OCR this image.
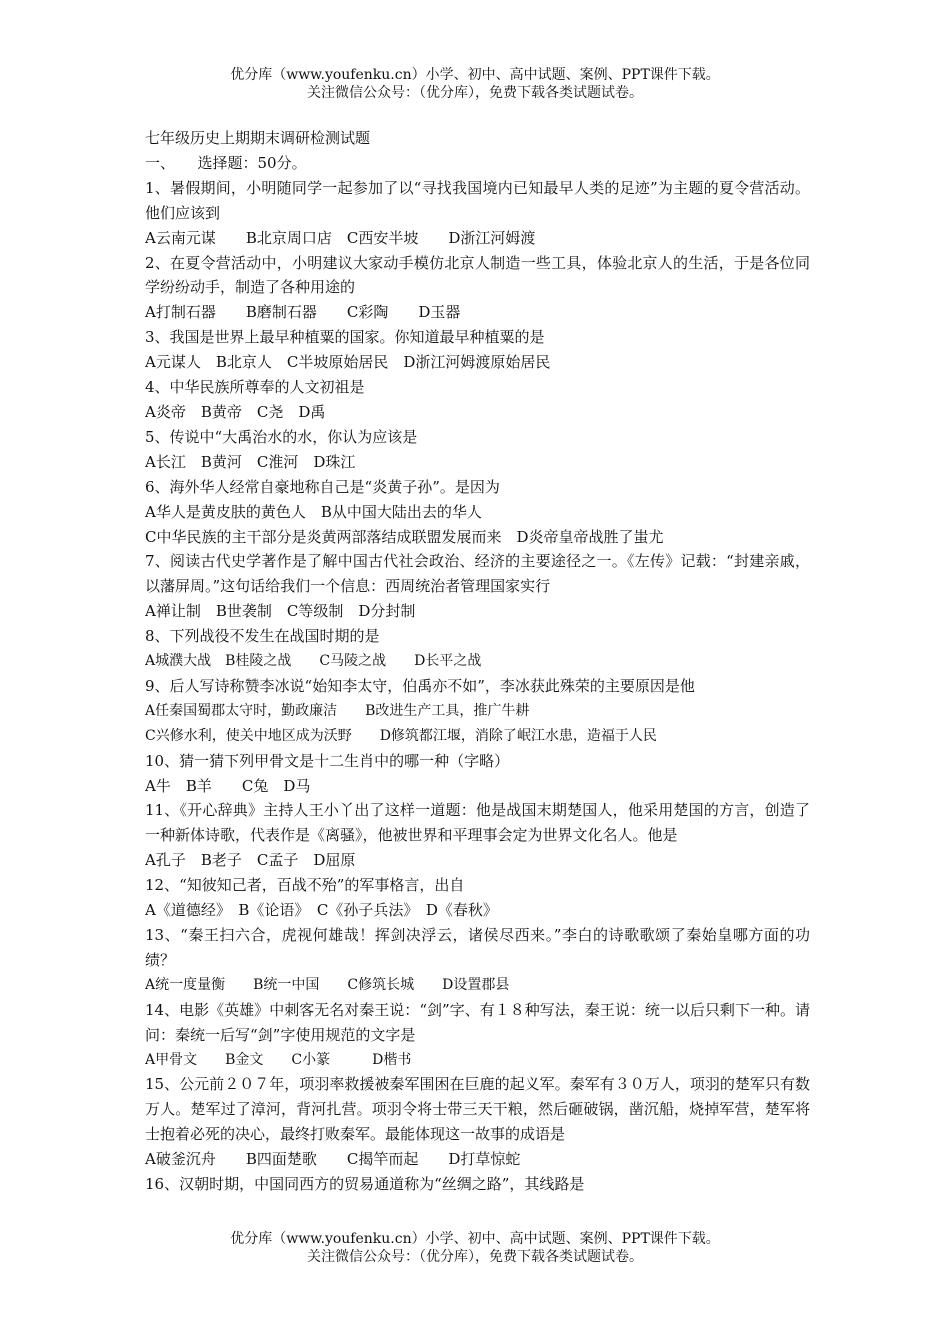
优分库（www.youfenku.cn）小学、初中、高中试题、案例、PPT课件下载。
关注微信公众号：（优分库），免费下载各类试题试卷。
七年级历史上期期末调研检测试题
一、　　选择题：50分。
1、暑假期间，小明随同学一起参加了以“寻找我国境内已知最早人类的足迹”为主题的夏令营活动。他们应该到
A云南元谋　　B北京周口店　C西安半坡　　D浙江河姆渡
2、在夏令营活动中，小明建议大家动手模仿北京人制造一些工具，体验北京人的生活，于是各位同学纷纷动手，制造了各种用途的
A打制石器　　B磨制石器　　C彩陶　　D玉器
3、我国是世界上最早种植粟的国家。你知道最早种植粟的是
A元谋人　B北京人　C半坡原始居民　D浙江河姆渡原始居民
4、中华民族所尊奉的人文初祖是
A炎帝　B黄帝　C尧　D禹
5、传说中“大禹治水的水，你认为应该是
A长江　B黄河　C淮河　D珠江
6、海外华人经常自豪地称自己是“炎黄子孙”。是因为
A华人是黄皮肤的黄色人　B从中国大陆出去的华人
C中华民族的主干部分是炎黄两部落结成联盟发展而来　D炎帝皇帝战胜了蚩尤
7、阅读古代史学著作是了解中国古代社会政治、经济的主要途径之一。《左传》记载：“封建亲戚，以藩屏周。”这句话给我们一个信息：西周统治者管理国家实行
A禅让制　B世袭制　C等级制　D分封制
8、下列战役不发生在战国时期的是
A城濮大战　B桂陵之战　　C马陵之战　　D长平之战
9、后人写诗称赞李冰说“始知李太守，伯禹亦不如”，李冰获此殊荣的主要原因是他
A任秦国蜀郡太守时，勤政廉洁　　B改进生产工具，推广牛耕
C兴修水利，使关中地区成为沃野　　D修筑都江堰，消除了岷江水患，造福于人民
10、猜一猜下列甲骨文是十二生肖中的哪一种（字略）
A牛　B羊　　C兔　D马
11、《开心辞典》主持人王小丫出了这样一道题：他是战国末期楚国人，他采用楚国的方言，创造了一种新体诗歌，代表作是《离骚》，他被世界和平理事会定为世界文化名人。他是
A孔子　B老子　C孟子　D屈原
12、“知彼知己者，百战不殆”的军事格言，出自
A《道德经》　B《论语》　C《孙子兵法》　D《春秋》
13、“秦王扫六合，虎视何雄哉！挥剑决浮云，诸侯尽西来。”李白的诗歌歌颂了秦始皇哪方面的功绩？
A统一度量衡　　B统一中国　　C修筑长城　　D设置郡县
14、电影《英雄》中刺客无名对秦王说：“剑”字、有１８种写法，秦王说：统一以后只剩下一种。请问：秦统一后写“剑”字使用规范的文字是
A甲骨文　　B金文　　C小篆　　　D楷书
15、公元前２０７年，项羽率救援被秦军围困在巨鹿的起义军。秦军有３０万人，项羽的楚军只有数万人。楚军过了漳河，背河扎营。项羽令将士带三天干粮，然后砸破锅，凿沉船，烧掉军营，楚军将士抱着必死的决心，最终打败秦军。最能体现这一故事的成语是
A破釜沉舟　　B四面楚歌　　C揭竿而起　　D打草惊蛇
16、汉朝时期，中国同西方的贸易通道称为“丝绸之路”，其线路是
优分库（www.youfenku.cn）小学、初中、高中试题、案例、PPT课件下载。
关注微信公众号：（优分库），免费下载各类试题试卷。
